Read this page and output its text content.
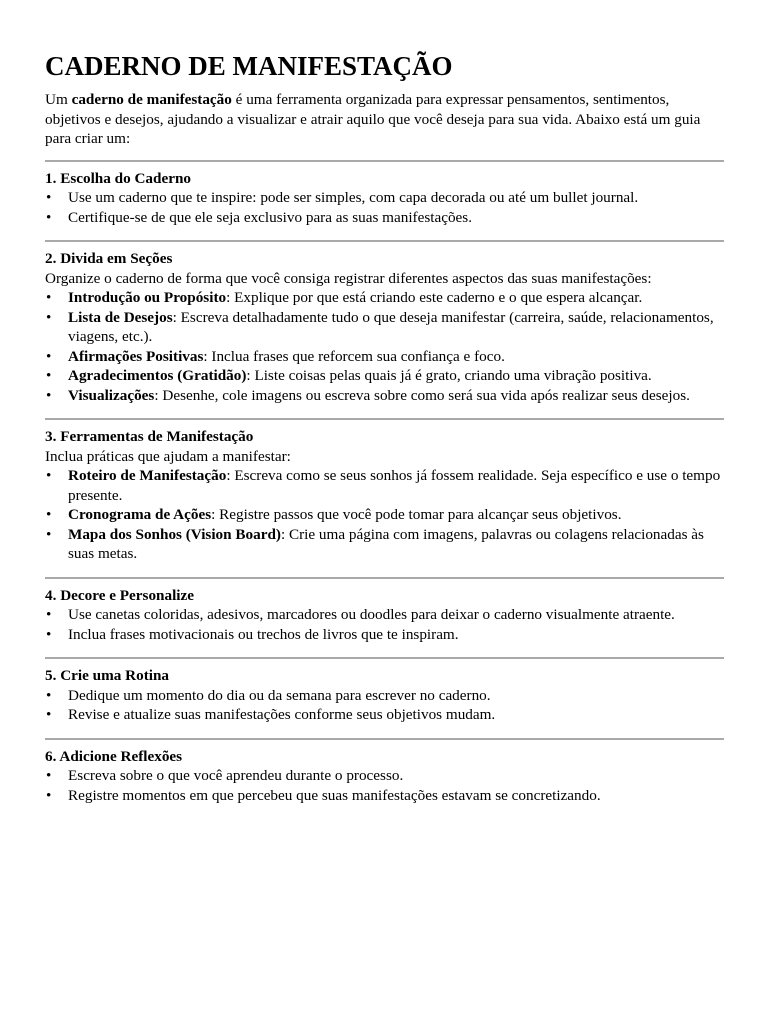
CADERNO DE MANIFESTAÇÃO

Um caderno de manifestação é uma ferramenta organizada para expressar pensamentos, sentimentos, objetivos e desejos, ajudando a visualizar e atrair aquilo que você deseja para sua vida. Abaixo está um guia para criar um:

1. Escolha do Caderno
• Use um caderno que te inspire: pode ser simples, com capa decorada ou até um bullet journal.
• Certifique-se de que ele seja exclusivo para as suas manifestações.
2. Divida em Seções

Organize o caderno de forma que você consiga registrar diferentes aspectos das suas manifestações:

• Introdução ou Propósito: Explique por que está criando este caderno e o que espera alcançar.
• Lista de Desejos: Escreva detalhadamente tudo o que deseja manifestar (carreira, saúde, relacionamentos, viagens, etc.).
• Afirmações Positivas: Inclua frases que reforcem sua confiança e foco.
• Agradecimentos (Gratidão): Liste coisas pelas quais já é grato, criando uma vibração positiva.
• Visualizações: Desenhe, cole imagens ou escreva sobre como será sua vida após realizar seus desejos.
3. Ferramentas de Manifestação

Inclua práticas que ajudam a manifestar:

• Roteiro de Manifestação: Escreva como se seus sonhos já fossem realidade. Seja específico e use o tempo presente.
• Cronograma de Ações: Registre passos que você pode tomar para alcançar seus objetivos.
• Mapa dos Sonhos (Vision Board): Crie uma página com imagens, palavras ou colagens relacionadas às suas metas.
4. Decore e Personalize
• Use canetas coloridas, adesivos, marcadores ou doodles para deixar o caderno visualmente atraente.
• Inclua frases motivacionais ou trechos de livros que te inspiram.
5. Crie uma Rotina
• Dedique um momento do dia ou da semana para escrever no caderno.
• Revise e atualize suas manifestações conforme seus objetivos mudam.
6. Adicione Reflexões
• Escreva sobre o que você aprendeu durante o processo.
• Registre momentos em que percebeu que suas manifestações estavam se concretizando.
